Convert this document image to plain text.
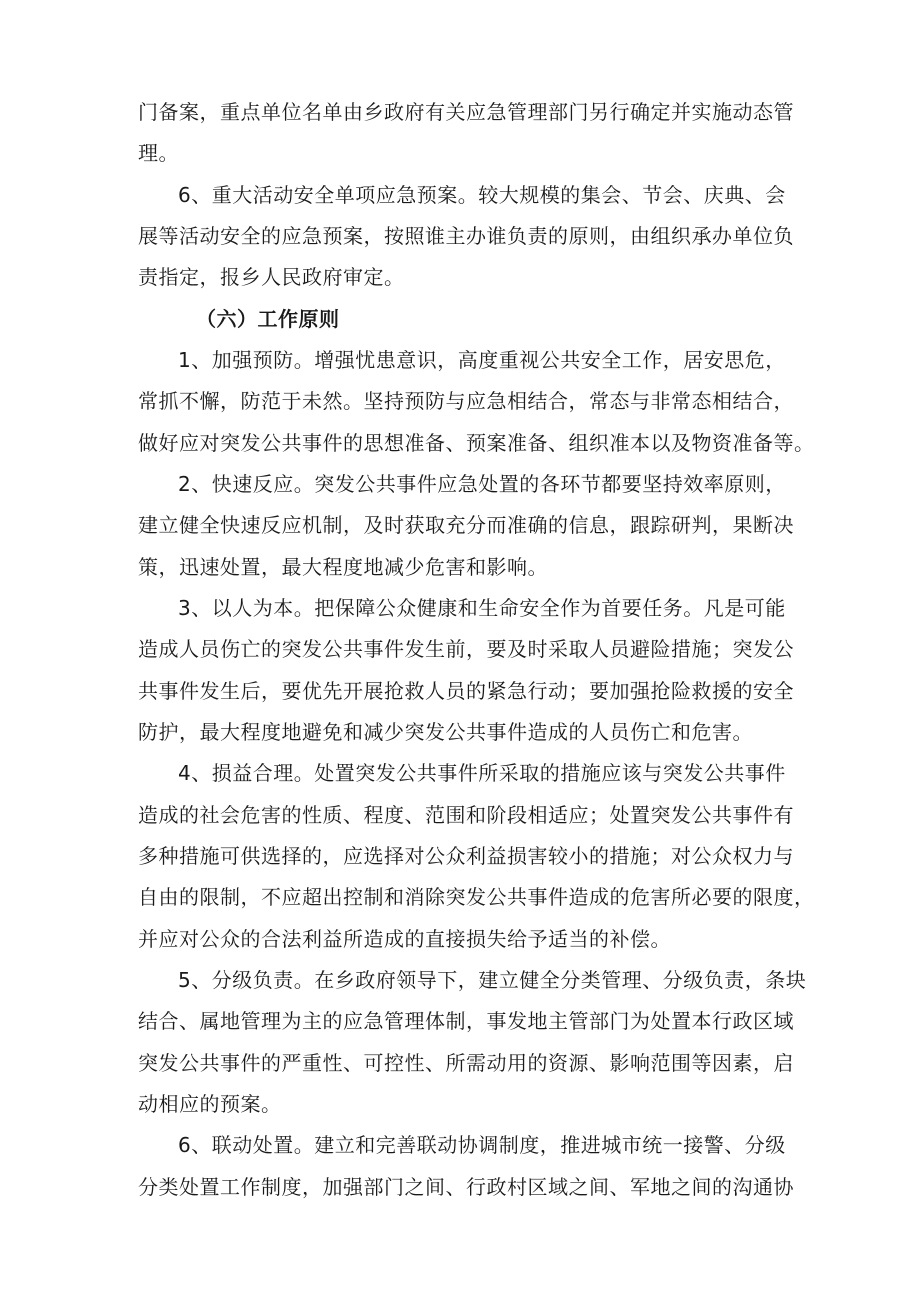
门备案，重点单位名单由乡政府有关应急管理部门另行确定并实施动态管
理。
6、重大活动安全单项应急预案。较大规模的集会、节会、庆典、会
展等活动安全的应急预案，按照谁主办谁负责的原则，由组织承办单位负
责指定，报乡人民政府审定。
（六）工作原则
1、加强预防。增强忧患意识，高度重视公共安全工作，居安思危，
常抓不懈，防范于未然。坚持预防与应急相结合，常态与非常态相结合，
做好应对突发公共事件的思想准备、预案准备、组织准本以及物资准备等。
2、快速反应。突发公共事件应急处置的各环节都要坚持效率原则，
建立健全快速反应机制，及时获取充分而准确的信息，跟踪研判，果断决
策，迅速处置，最大程度地减少危害和影响。
3、以人为本。把保障公众健康和生命安全作为首要任务。凡是可能
造成人员伤亡的突发公共事件发生前，要及时采取人员避险措施；突发公
共事件发生后，要优先开展抢救人员的紧急行动；要加强抢险救援的安全
防护，最大程度地避免和减少突发公共事件造成的人员伤亡和危害。
4、损益合理。处置突发公共事件所采取的措施应该与突发公共事件
造成的社会危害的性质、程度、范围和阶段相适应；处置突发公共事件有
多种措施可供选择的，应选择对公众利益损害较小的措施；对公众权力与
自由的限制，不应超出控制和消除突发公共事件造成的危害所必要的限度，
并应对公众的合法利益所造成的直接损失给予适当的补偿。
5、分级负责。在乡政府领导下，建立健全分类管理、分级负责，条块
结合、属地管理为主的应急管理体制，事发地主管部门为处置本行政区域
突发公共事件的严重性、可控性、所需动用的资源、影响范围等因素，启
动相应的预案。
6、联动处置。建立和完善联动协调制度，推进城市统一接警、分级
分类处置工作制度，加强部门之间、行政村区域之间、军地之间的沟通协
